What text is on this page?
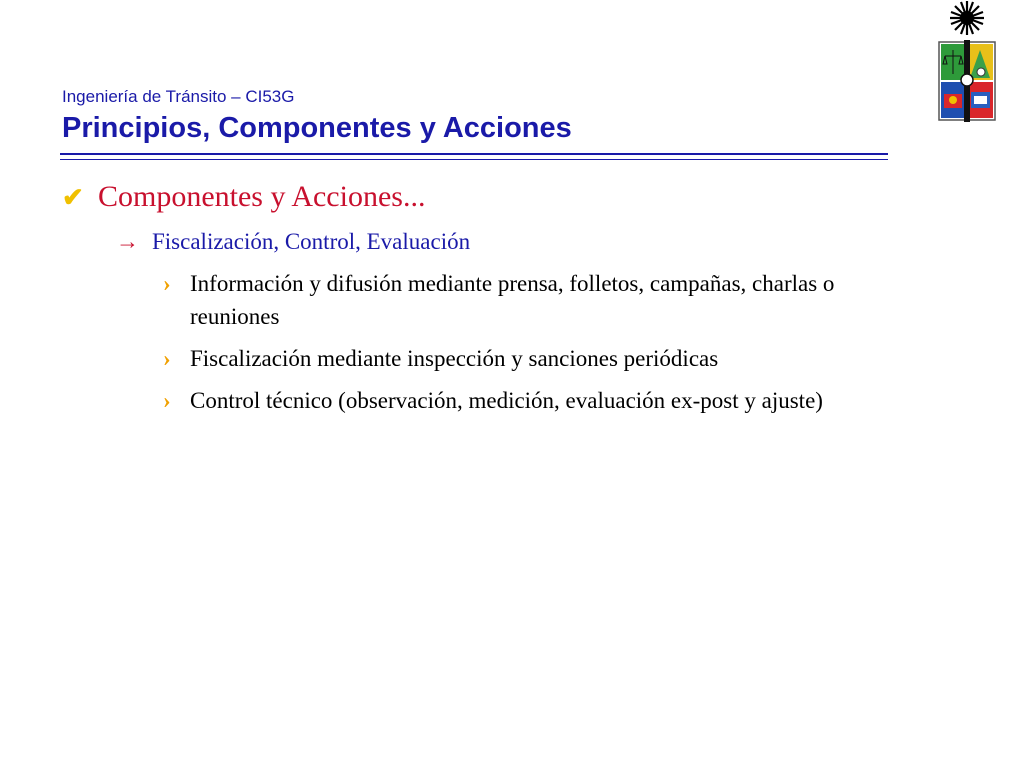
Ingeniería de Tránsito – CI53G
Principios, Componentes y Acciones
✔ Componentes y Acciones...
→ Fiscalización, Control, Evaluación
› Información y difusión mediante prensa, folletos, campañas, charlas o reuniones
› Fiscalización mediante inspección y sanciones periódicas
› Control técnico (observación, medición, evaluación ex-post y ajuste)
